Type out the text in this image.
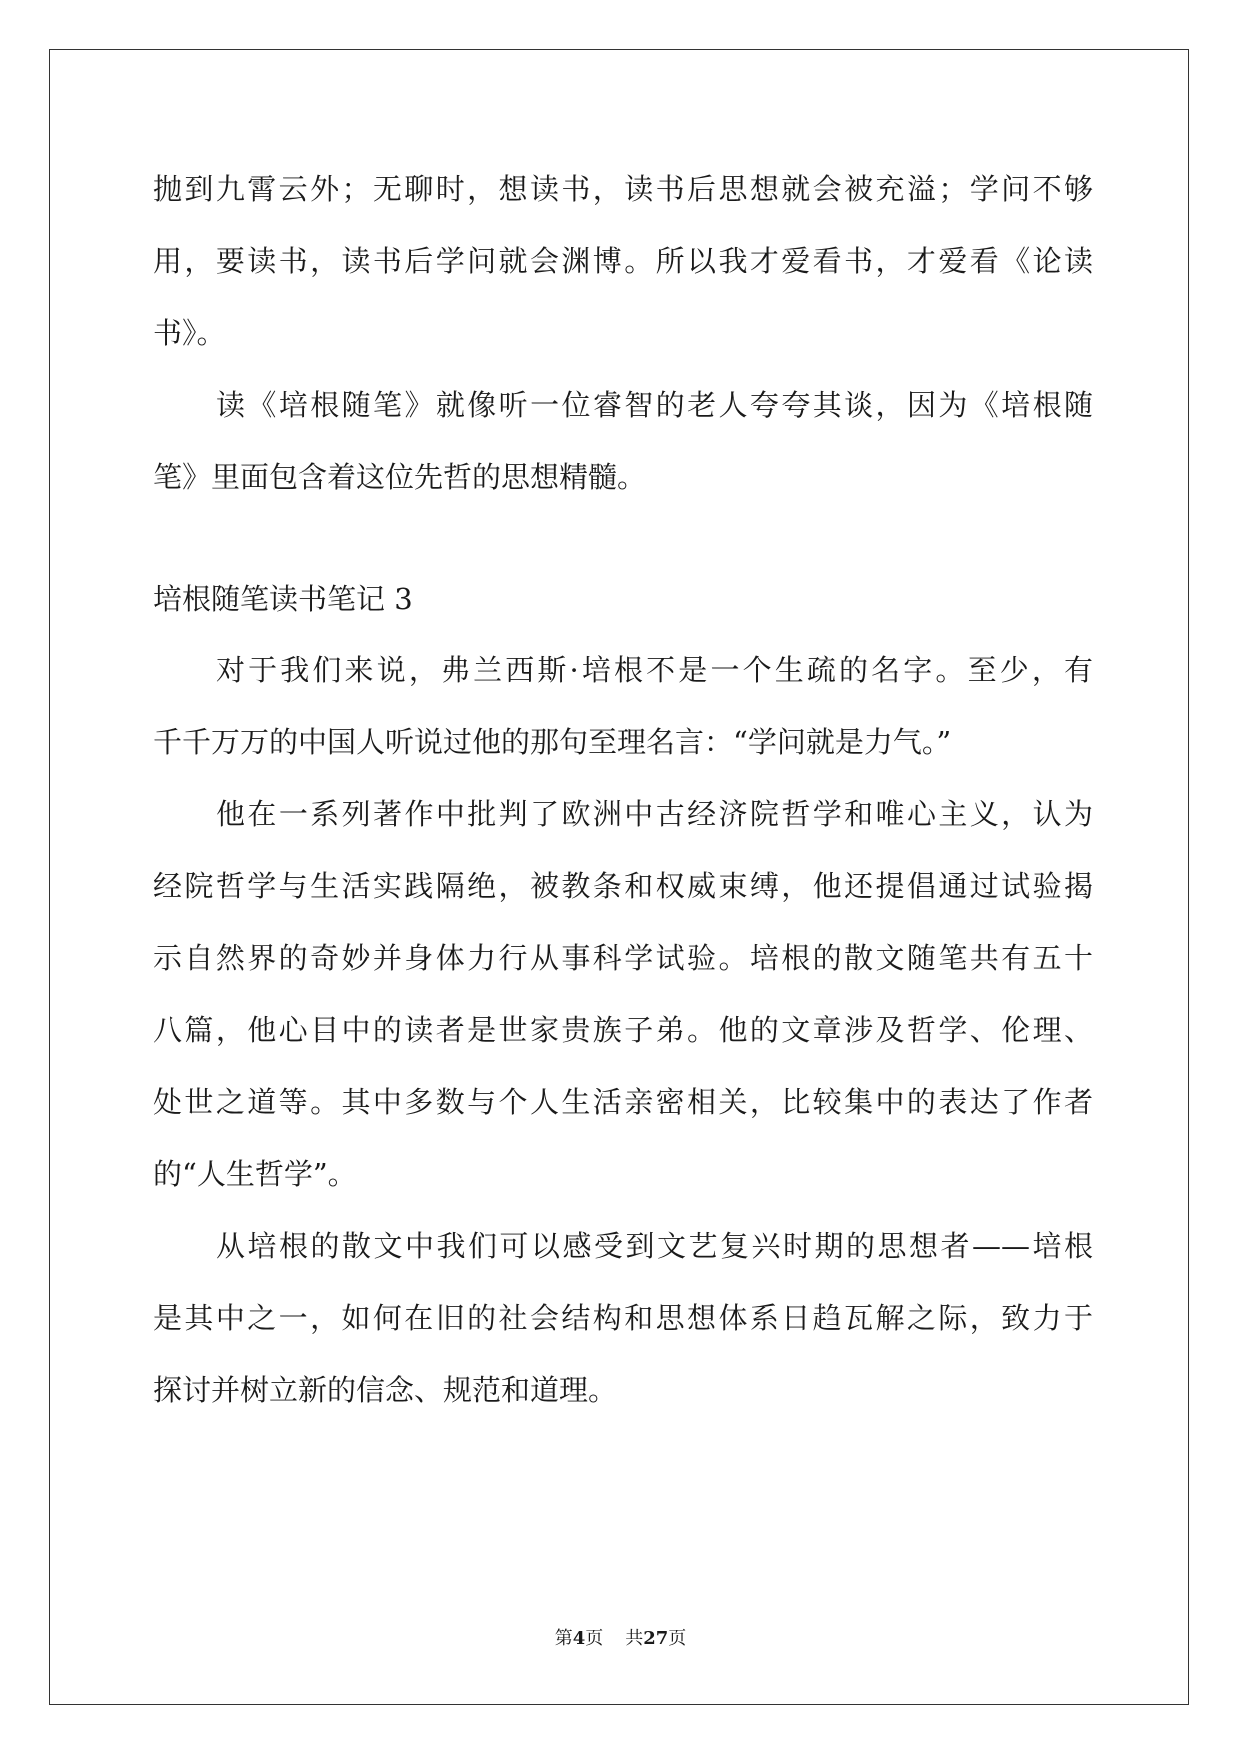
抛到九霄云外；无聊时，想读书，读书后思想就会被充溢；学问不够
用，要读书，读书后学问就会渊博。所以我才爱看书，才爱看《论读
书》。
读《培根随笔》就像听一位睿智的老人夸夸其谈，因为《培根随
笔》里面包含着这位先哲的思想精髓。
培根随笔读书笔记 3
对于我们来说，弗兰西斯·培根不是一个生疏的名字。至少，有
千千万万的中国人听说过他的那句至理名言：“学问就是力气。”
他在一系列著作中批判了欧洲中古经济院哲学和唯心主义，认为
经院哲学与生活实践隔绝，被教条和权威束缚，他还提倡通过试验揭
示自然界的奇妙并身体力行从事科学试验。培根的散文随笔共有五十
八篇，他心目中的读者是世家贵族子弟。他的文章涉及哲学、伦理、
处世之道等。其中多数与个人生活亲密相关，比较集中的表达了作者
的“人生哲学”。
从培根的散文中我们可以感受到文艺复兴时期的思想者——培根
是其中之一，如何在旧的社会结构和思想体系日趋瓦解之际，致力于
探讨并树立新的信念、规范和道理。
第4页 共27页
